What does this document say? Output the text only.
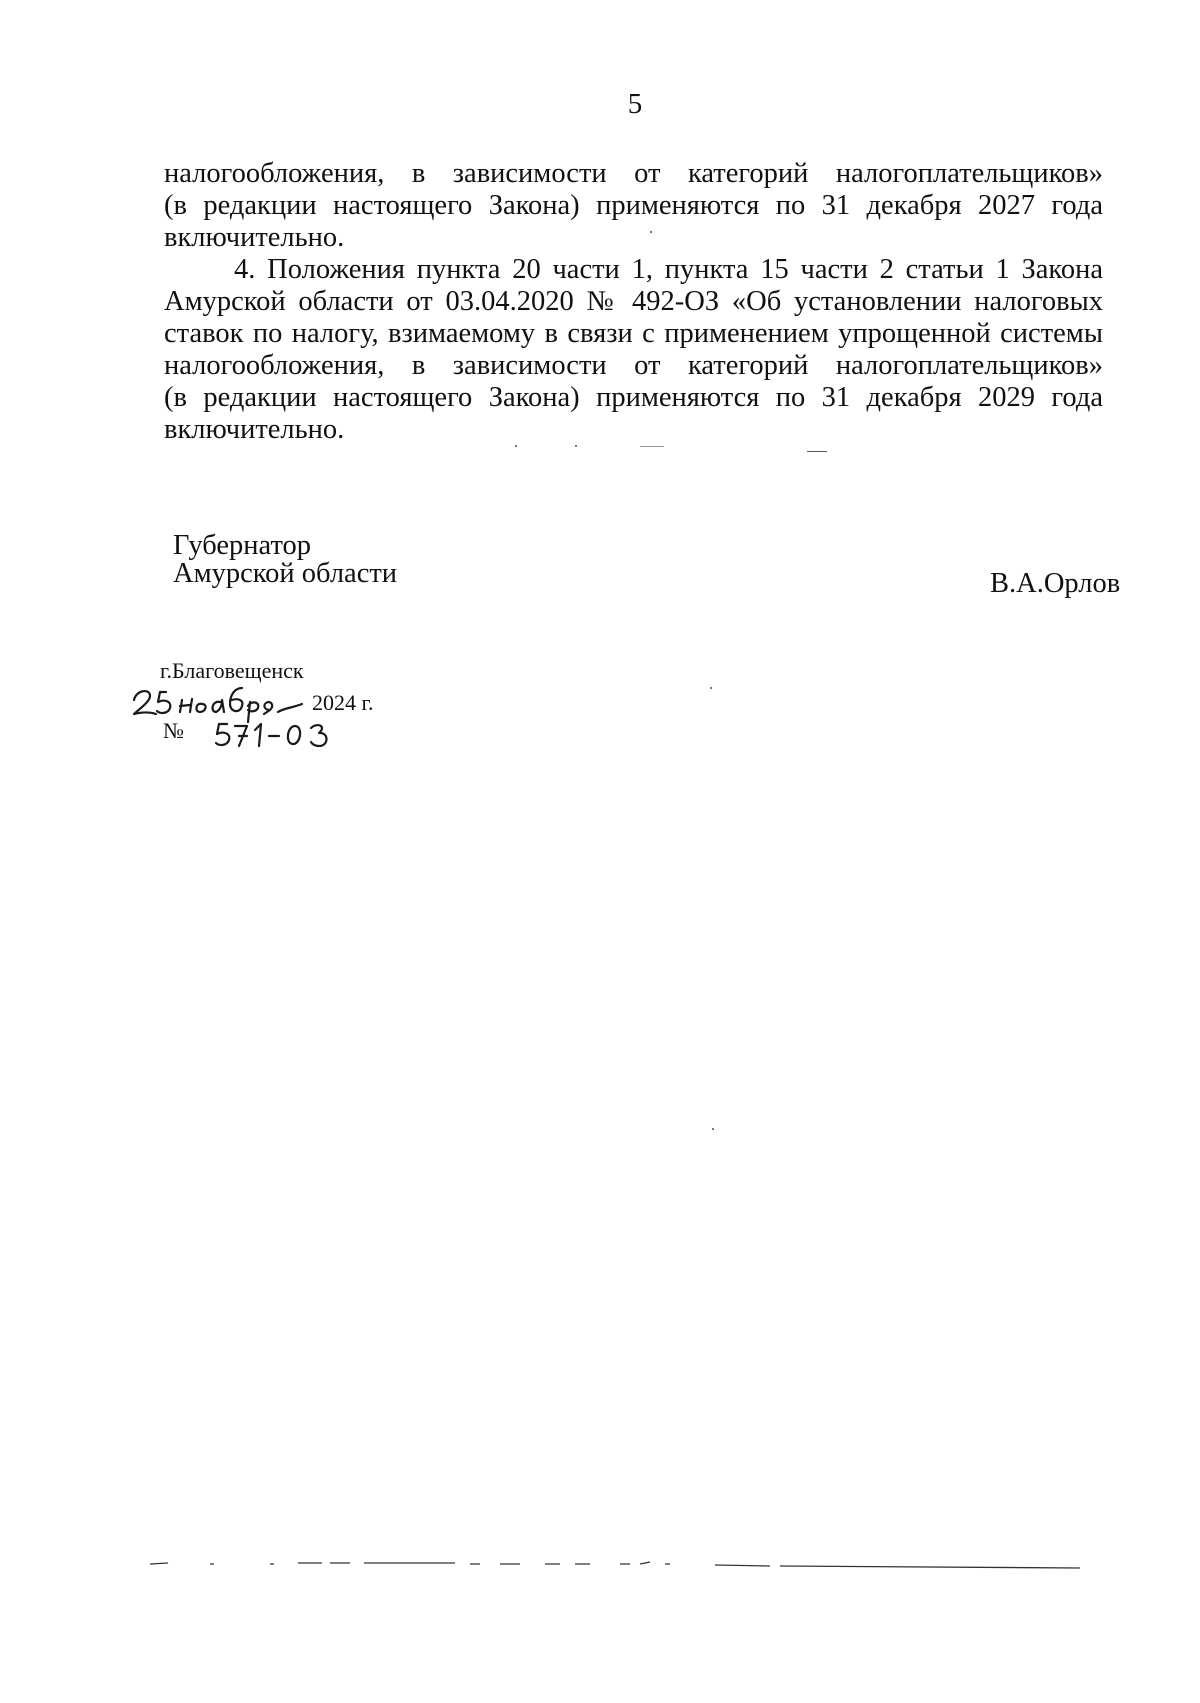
5
налогообложения, в зависимости от категорий налогоплательщиков»
(в редакции настоящего Закона) применяются по 31 декабря 2027 года
включительно.
4. Положения пункта 20 части 1, пункта 15 части 2 статьи 1 Закона
Амурской области от 03.04.2020 № 492-ОЗ «Об установлении налоговых
ставок по налогу, взимаемому в связи с применением упрощенной системы
налогообложения, в зависимости от категорий налогоплательщиков»
(в редакции настоящего Закона) применяются по 31 декабря 2029 года
включительно.
Губернатор
Амурской области	В.А.Орлов
г.Благовещенск
2024 г.
№
